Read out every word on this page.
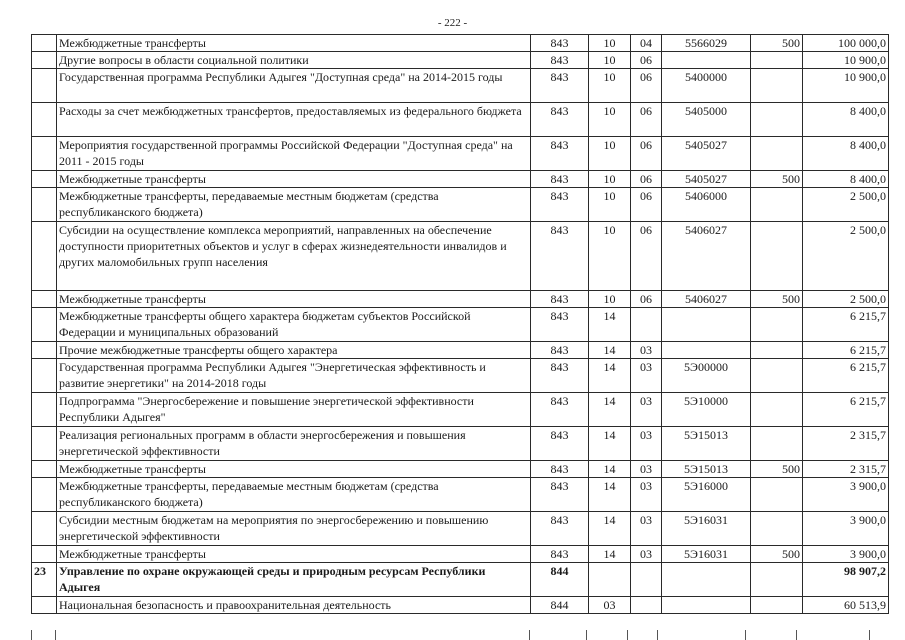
- 222 -
	Межбюджетные трансферты	843	10	04	5566029	500	100 000,0
	Другие вопросы в области социальной политики	843	10	06			10 900,0
	Государственная программа Республики Адыгея "Доступная среда" на 2014-2015 годы	843	10	06	5400000		10 900,0
	Расходы за счет межбюджетных трансфертов, предоставляемых из федерального бюджета	843	10	06	5405000		8 400,0
	Мероприятия государственной программы Российской Федерации "Доступная среда" на 2011 - 2015 годы	843	10	06	5405027		8 400,0
	Межбюджетные трансферты	843	10	06	5405027	500	8 400,0
	Межбюджетные трансферты, передаваемые местным бюджетам (средства республиканского бюджета)	843	10	06	5406000		2 500,0
	Субсидии на осуществление комплекса мероприятий, направленных на обеспечение доступности приоритетных объектов и услуг в сферах жизнедеятельности инвалидов и других маломобильных групп населения	843	10	06	5406027		2 500,0
	Межбюджетные трансферты	843	10	06	5406027	500	2 500,0
	Межбюджетные трансферты общего характера бюджетам субъектов Российской Федерации и муниципальных образований	843	14				6 215,7
	Прочие межбюджетные трансферты общего характера	843	14	03			6 215,7
	Государственная программа Республики Адыгея "Энергетическая эффективность и развитие энергетики" на 2014-2018 годы	843	14	03	5Э00000		6 215,7
	Подпрограмма "Энергосбережение и повышение энергетической эффективности Республики Адыгея"	843	14	03	5Э10000		6 215,7
	Реализация региональных программ в области энергосбережения и повышения энергетической эффективности	843	14	03	5Э15013		2 315,7
	Межбюджетные трансферты	843	14	03	5Э15013	500	2 315,7
	Межбюджетные трансферты, передаваемые местным бюджетам (средства республиканского бюджета)	843	14	03	5Э16000		3 900,0
	Субсидии местным бюджетам на мероприятия по энергосбережению и повышению энергетической эффективности	843	14	03	5Э16031		3 900,0
	Межбюджетные трансферты	843	14	03	5Э16031	500	3 900,0
23	Управление по охране окружающей среды и природным ресурсам Республики Адыгея	844					98 907,2
	Национальная безопасность и правоохранительная деятельность	844	03				60 513,9
